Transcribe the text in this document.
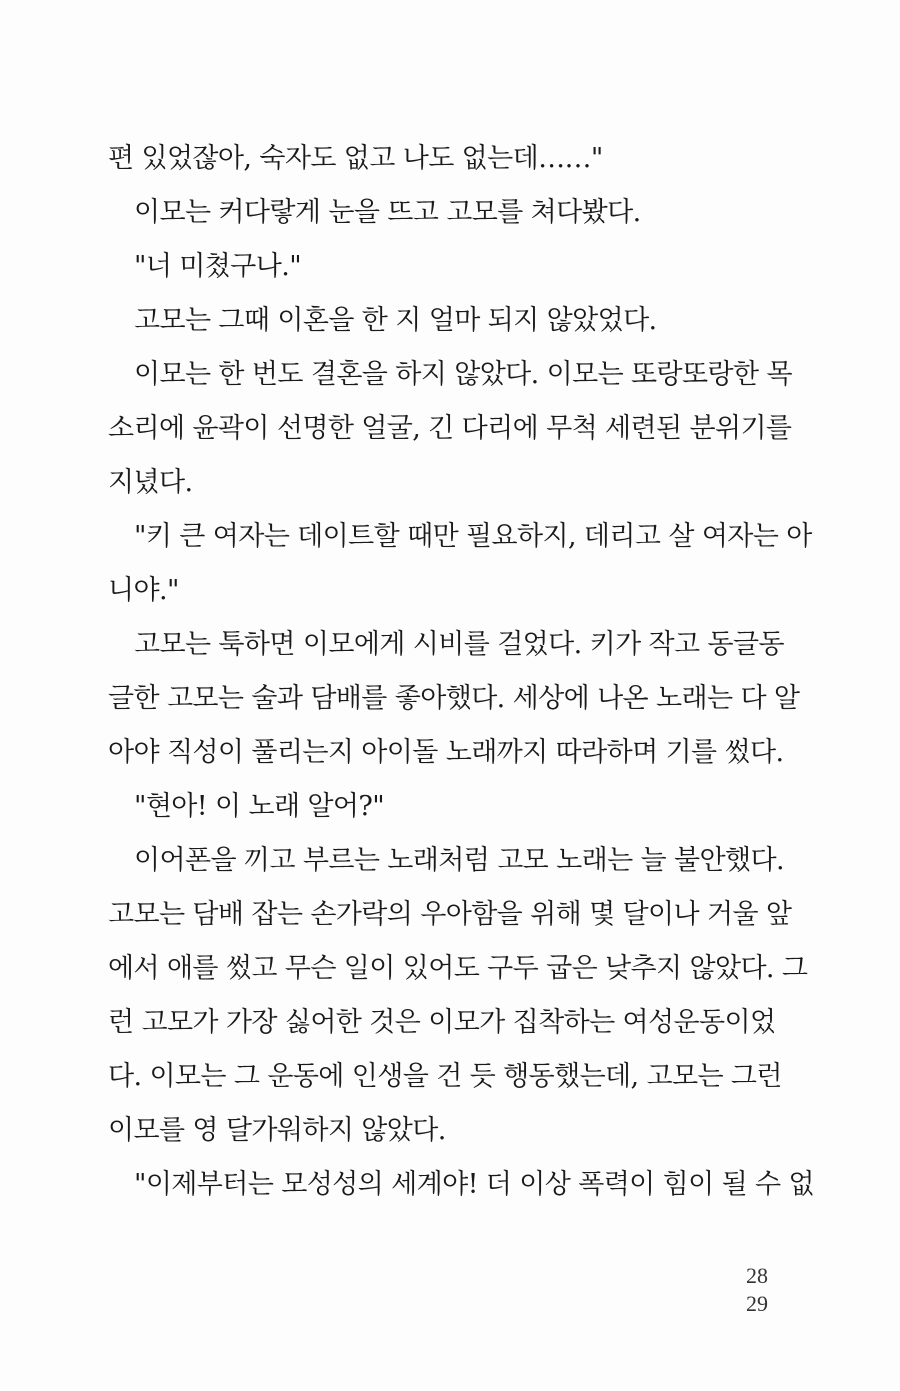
편 있었잖아, 숙자도 없고 나도 없는데……"

이모는 커다랗게 눈을 뜨고 고모를 쳐다봤다.

"너 미쳤구나."

고모는 그때 이혼을 한 지 얼마 되지 않았었다.

이모는 한 번도 결혼을 하지 않았다. 이모는 또랑또랑한 목

소리에 윤곽이 선명한 얼굴, 긴 다리에 무척 세련된 분위기를

지녔다.

"키 큰 여자는 데이트할 때만 필요하지, 데리고 살 여자는 아

니야."

고모는 툭하면 이모에게 시비를 걸었다. 키가 작고 동글동

글한 고모는 술과 담배를 좋아했다. 세상에 나온 노래는 다 알

아야 직성이 풀리는지 아이돌 노래까지 따라하며 기를 썼다.

"현아! 이 노래 알어?"

이어폰을 끼고 부르는 노래처럼 고모 노래는 늘 불안했다.

고모는 담배 잡는 손가락의 우아함을 위해 몇 달이나 거울 앞

에서 애를 썼고 무슨 일이 있어도 구두 굽은 낮추지 않았다. 그

런 고모가 가장 싫어한 것은 이모가 집착하는 여성운동이었

다. 이모는 그 운동에 인생을 건 듯 행동했는데, 고모는 그런

이모를 영 달가워하지 않았다.

"이제부터는 모성성의 세계야! 더 이상 폭력이 힘이 될 수 없

28
29
